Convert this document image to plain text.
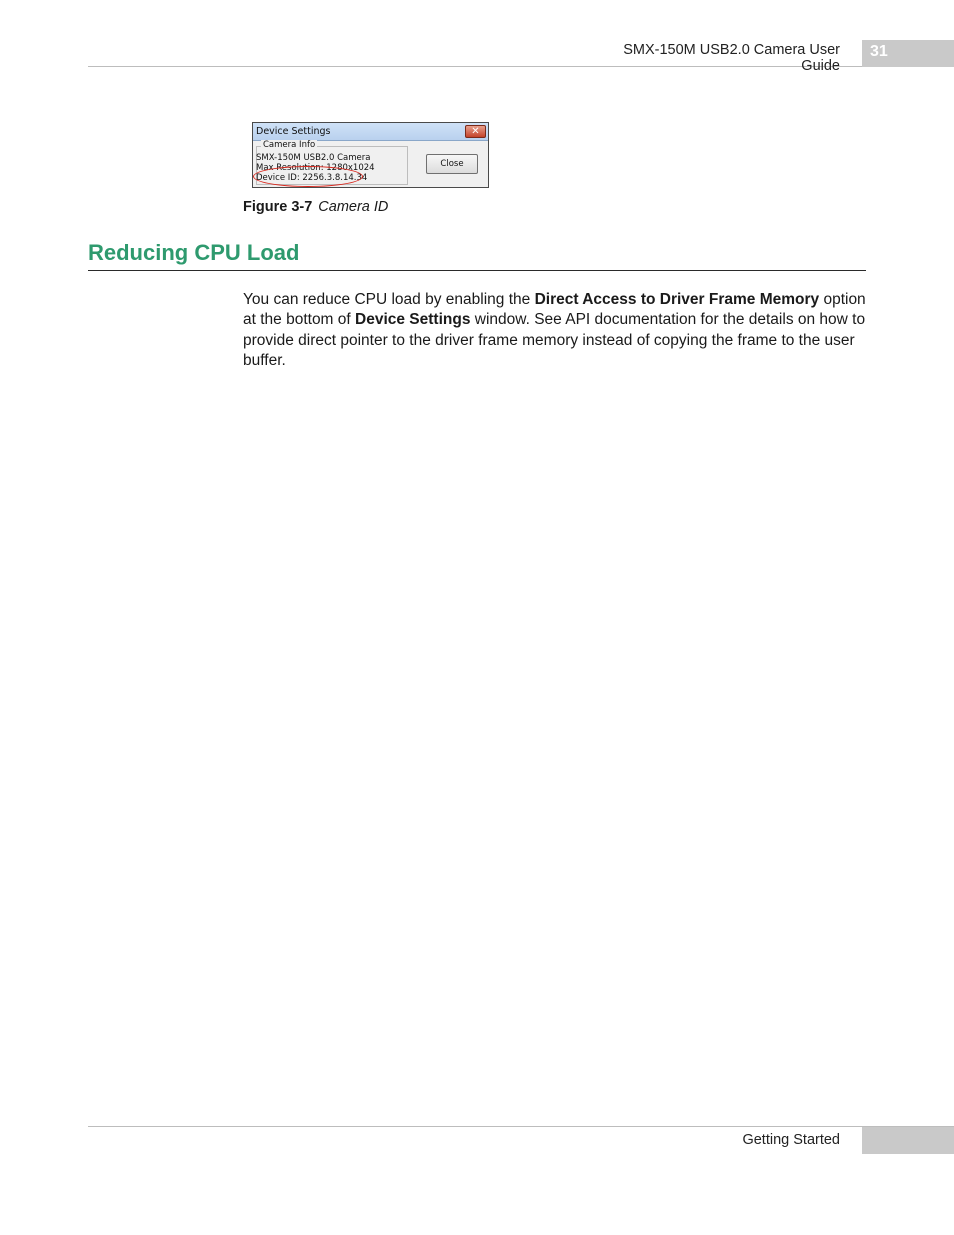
SMX-150M USB2.0 Camera User Guide
31
Device Settings	✕
Camera Info
SMX-150M USB2.0 Camera
Max Resolution: 1280x1024
Device ID: 2256.3.8.14.34
Close
Figure 3-7 Camera ID
Reducing CPU Load
You can reduce CPU load by enabling the Direct Access to Driver Frame Memory option at the bottom of Device Settings window. See API documentation for the details on how to provide direct pointer to the driver frame memory instead of copying the frame to the user buffer.
Getting Started
